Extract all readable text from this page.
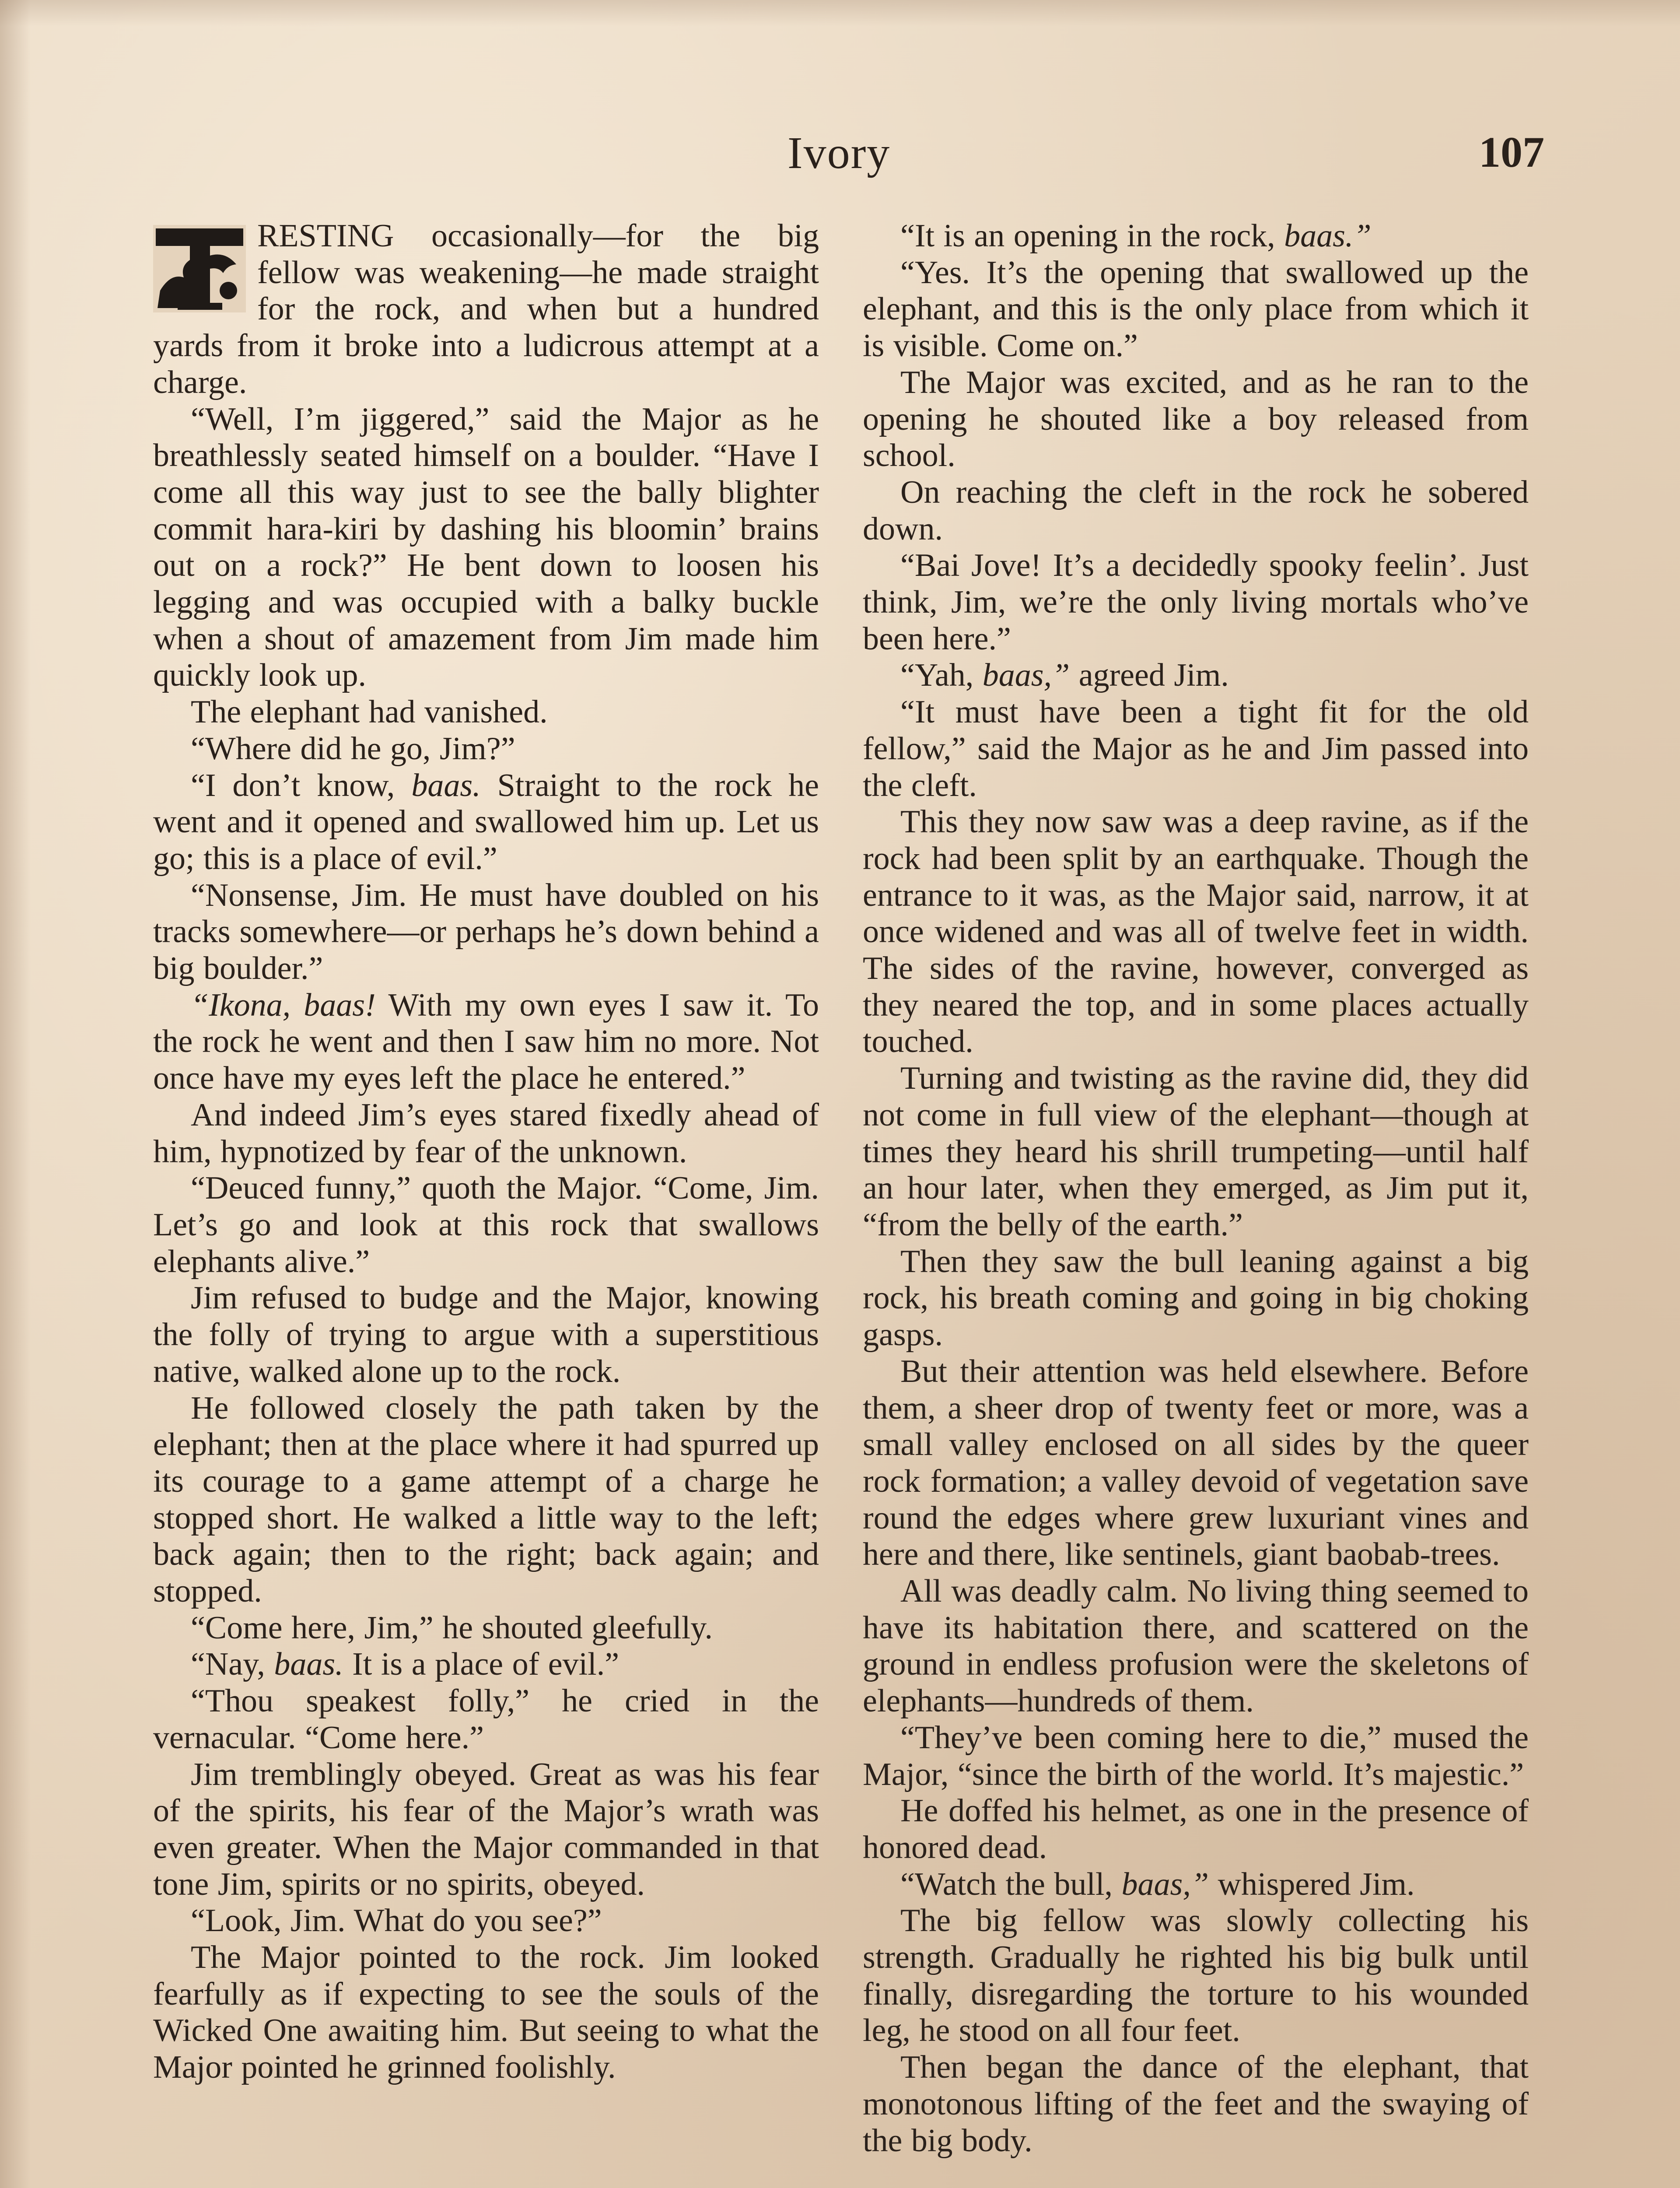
Ivory	107

RESTING occasionally—for the big fellow was weakening—he made straight for the rock, and when but a hundred yards from it broke into a ludicrous attempt at a charge.

“Well, I’m jiggered,” said the Major as he breathlessly seated himself on a boulder. “Have I come all this way just to see the bally blighter commit hara-kiri by dashing his bloomin’ brains out on a rock?” He bent down to loosen his legging and was occupied with a balky buckle when a shout of amazement from Jim made him quickly look up.

The elephant had vanished.

“Where did he go, Jim?”

“I don’t know, baas. Straight to the rock he went and it opened and swallowed him up. Let us go; this is a place of evil.”

“Nonsense, Jim. He must have doubled on his tracks somewhere—or perhaps he’s down behind a big boulder.”

“Ikona, baas! With my own eyes I saw it. To the rock he went and then I saw him no more. Not once have my eyes left the place he entered.”

And indeed Jim’s eyes stared fixedly ahead of him, hypnotized by fear of the unknown.

“Deuced funny,” quoth the Major. “Come, Jim. Let’s go and look at this rock that swallows elephants alive.”

Jim refused to budge and the Major, knowing the folly of trying to argue with a superstitious native, walked alone up to the rock.

He followed closely the path taken by the elephant; then at the place where it had spurred up its courage to a game attempt of a charge he stopped short. He walked a little way to the left; back again; then to the right; back again; and stopped.

“Come here, Jim,” he shouted gleefully.

“Nay, baas. It is a place of evil.”

“Thou speakest folly,” he cried in the vernacular. “Come here.”

Jim tremblingly obeyed. Great as was his fear of the spirits, his fear of the Major’s wrath was even greater. When the Major commanded in that tone Jim, spirits or no spirits, obeyed.

“Look, Jim. What do you see?”

The Major pointed to the rock. Jim looked fearfully as if expecting to see the souls of the Wicked One awaiting him. But seeing to what the Major pointed he grinned foolishly.

“It is an opening in the rock, baas.”

“Yes. It’s the opening that swallowed up the elephant, and this is the only place from which it is visible. Come on.”

The Major was excited, and as he ran to the opening he shouted like a boy released from school.

On reaching the cleft in the rock he sobered down.

“Bai Jove! It’s a decidedly spooky feelin’. Just think, Jim, we’re the only living mortals who’ve been here.”

“Yah, baas,” agreed Jim.

“It must have been a tight fit for the old fellow,” said the Major as he and Jim passed into the cleft.

This they now saw was a deep ravine, as if the rock had been split by an earthquake. Though the entrance to it was, as the Major said, narrow, it at once widened and was all of twelve feet in width. The sides of the ravine, however, converged as they neared the top, and in some places actually touched.

Turning and twisting as the ravine did, they did not come in full view of the elephant—though at times they heard his shrill trumpeting—until half an hour later, when they emerged, as Jim put it, “from the belly of the earth.”

Then they saw the bull leaning against a big rock, his breath coming and going in big choking gasps.

But their attention was held elsewhere. Before them, a sheer drop of twenty feet or more, was a small valley enclosed on all sides by the queer rock formation; a valley devoid of vegetation save round the edges where grew luxuriant vines and here and there, like sentinels, giant baobab-trees.

All was deadly calm. No living thing seemed to have its habitation there, and scattered on the ground in endless profusion were the skeletons of elephants—hundreds of them.

“They’ve been coming here to die,” mused the Major, “since the birth of the world. It’s majestic.”

He doffed his helmet, as one in the presence of honored dead.

“Watch the bull, baas,” whispered Jim.

The big fellow was slowly collecting his strength. Gradually he righted his big bulk until finally, disregarding the torture to his wounded leg, he stood on all four feet.

Then began the dance of the elephant, that monotonous lifting of the feet and the swaying of the big body.
